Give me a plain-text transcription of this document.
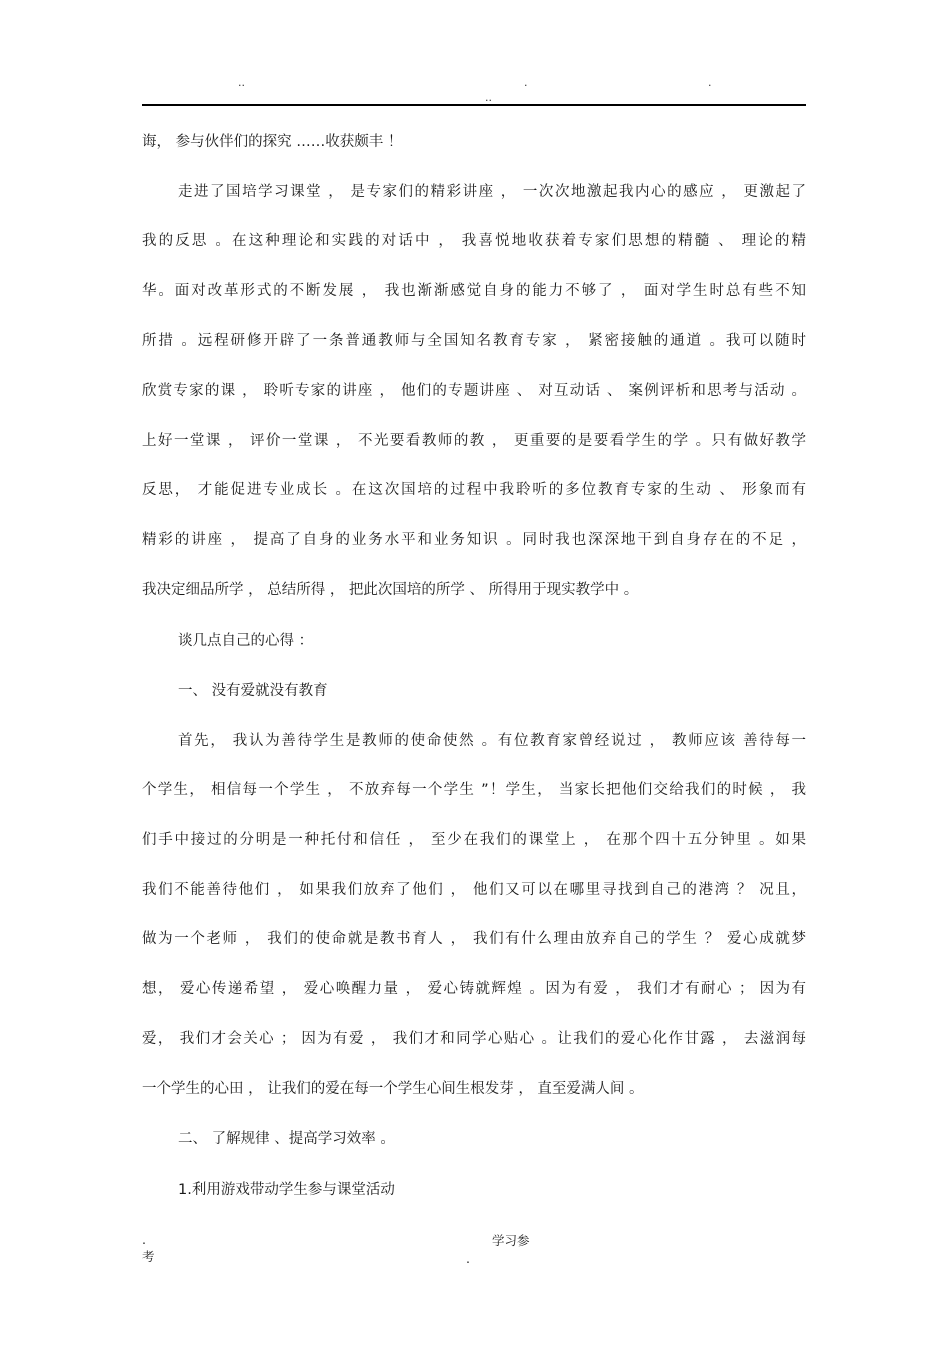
..	.	.
..
诲， 参与伙伴们的探究 ……收获颇丰 ！
走进了国培学习课堂 ， 是专家们的精彩讲座 ， 一次次地激起我内心的感应 ， 更激起了
我的反思 。在这种理论和实践的对话中 ， 我喜悦地收获着专家们思想的精髓 、 理论的精
华。面对改革形式的不断发展 ， 我也渐渐感觉自身的能力不够了 ， 面对学生时总有些不知
所措 。远程研修开辟了一条普通教师与全国知名教育专家 ， 紧密接触的通道 。我可以随时
欣赏专家的课 ， 聆听专家的讲座 ， 他们的专题讲座 、 对互动话 、 案例评析和思考与活动 。
上好一堂课 ， 评价一堂课 ， 不光要看教师的教 ， 更重要的是要看学生的学 。只有做好教学
反思， 才能促进专业成长 。在这次国培的过程中我聆听的多位教育专家的生动 、 形象而有
精彩的讲座 ， 提高了自身的业务水平和业务知识 。同时我也深深地干到自身存在的不足 ，
我决定细品所学 ， 总结所得 ， 把此次国培的所学 、 所得用于现实教学中 。
谈几点自己的心得 ：
一、 没有爱就没有教育
首先， 我认为善待学生是教师的使命使然 。有位教育家曾经说过 ， 教师应该 善待每一
个学生， 相信每一个学生 ， 不放弃每一个学生 ”！学生， 当家长把他们交给我们的时候 ， 我
们手中接过的分明是一种托付和信任 ， 至少在我们的课堂上 ， 在那个四十五分钟里 。如果
我们不能善待他们 ， 如果我们放弃了他们 ， 他们又可以在哪里寻找到自己的港湾 ？ 况且，
做为一个老师 ， 我们的使命就是教书育人 ， 我们有什么理由放弃自己的学生 ？ 爱心成就梦
想， 爱心传递希望 ， 爱心唤醒力量 ， 爱心铸就辉煌 。因为有爱 ， 我们才有耐心 ； 因为有
爱， 我们才会关心 ； 因为有爱 ， 我们才和同学心贴心 。让我们的爱心化作甘露 ， 去滋润每
一个学生的心田 ， 让我们的爱在每一个学生心间生根发芽 ， 直至爱满人间 。
二、 了解规律 、提高学习效率 。
1.利用游戏带动学生参与课堂活动
.
考
学习参
.
